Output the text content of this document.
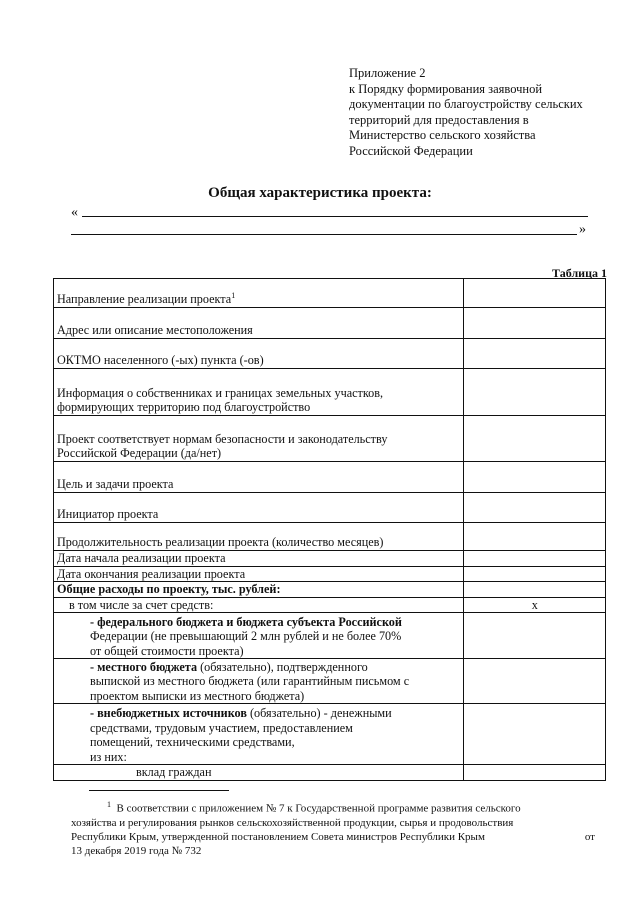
Приложение 2
к Порядку формирования заявочной
документации по благоустройству сельских
территорий для предоставления в
Министерство сельского хозяйства
Российской Федерации
Общая характеристика проекта:
«
»
Таблица 1
Направление реализации проекта$^1$	
Адрес или описание местоположения	
ОКТМО населенного (-ых) пункта (-ов)	

Информация о собственниках и границах земельных участков,
формирующих территорию под благоустройство	

Проект соответствует нормам безопасности и законодательству
Российской Федерации (да/нет)	

Цель и задачи проекта	
Инициатор проекта	
Продолжительность реализации проекта (количество месяцев)	
Дата начала реализации проекта	
Дата окончания реализации проекта	
Общие расходы по проекту, тыс. рублей:	
в том числе за счет средств:	x

- федерального бюджета и бюджета субъекта Российской
Федерации (не превышающий 2 млн рублей и не более 70%
от общей стоимости проекта)	

- местного бюджета (обязательно), подтвержденного
выпиской из местного бюджета (или гарантийным письмом с
проектом выписки из местного бюджета)	

- внебюджетных источников (обязательно) - денежными
средствами, трудовым участием, предоставлением
помещений, техническими средствами,
из них:	

вклад граждан	
$^1$ В соответствии с приложением № 7 к Государственной программе развития сельского
хозяйства и регулирования рынков сельскохозяйственной продукции, сырья и продовольствия
Республики Крым, утвержденной постановлением Совета министров Республики Крым	от
13 декабря 2019 года № 732
